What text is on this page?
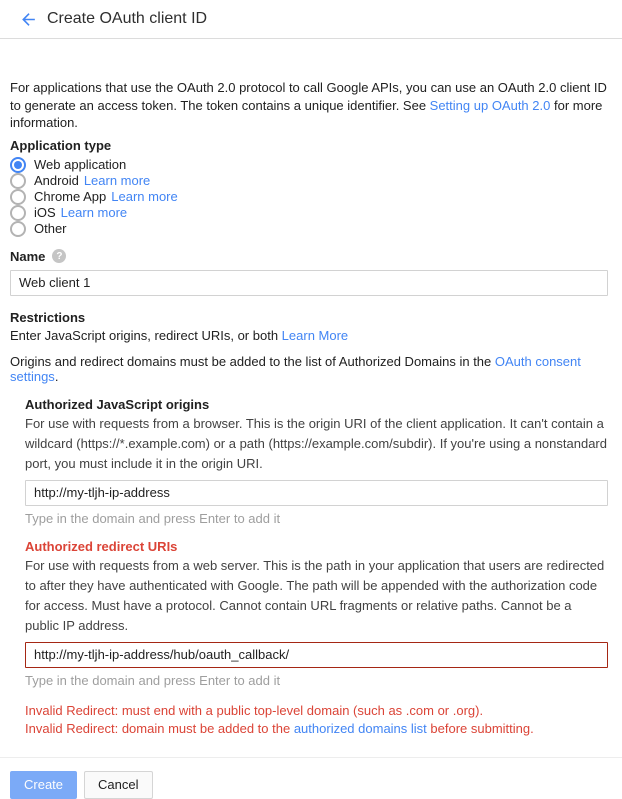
Create OAuth client ID

For applications that use the OAuth 2.0 protocol to call Google APIs, you can use an OAuth 2.0 client ID to generate an access token. The token contains a unique identifier. See Setting up OAuth 2.0 for more information.

Application type
Web application
Android Learn more
Chrome App Learn more
iOS Learn more
Other
Name	?
Web client 1
Restrictions

Enter JavaScript origins, redirect URIs, or both Learn More

Origins and redirect domains must be added to the list of Authorized Domains in the OAuth consent settings.

Authorized JavaScript origins

For use with requests from a browser. This is the origin URI of the client application. It can't contain a wildcard (https://*.example.com) or a path (https://example.com/subdir). If you're using a nonstandard port, you must include it in the origin URI.

http://my-tljh-ip-address
Type in the domain and press Enter to add it
Authorized redirect URIs

For use with requests from a web server. This is the path in your application that users are redirected to after they have authenticated with Google. The path will be appended with the authorization code for access. Must have a protocol. Cannot contain URL fragments or relative paths. Cannot be a public IP address.

http://my-tljh-ip-address/hub/oauth_callback/
Type in the domain and press Enter to add it
Invalid Redirect: must end with a public top-level domain (such as .com or .org).
Invalid Redirect: domain must be added to the authorized domains list before submitting.
Create	Cancel
